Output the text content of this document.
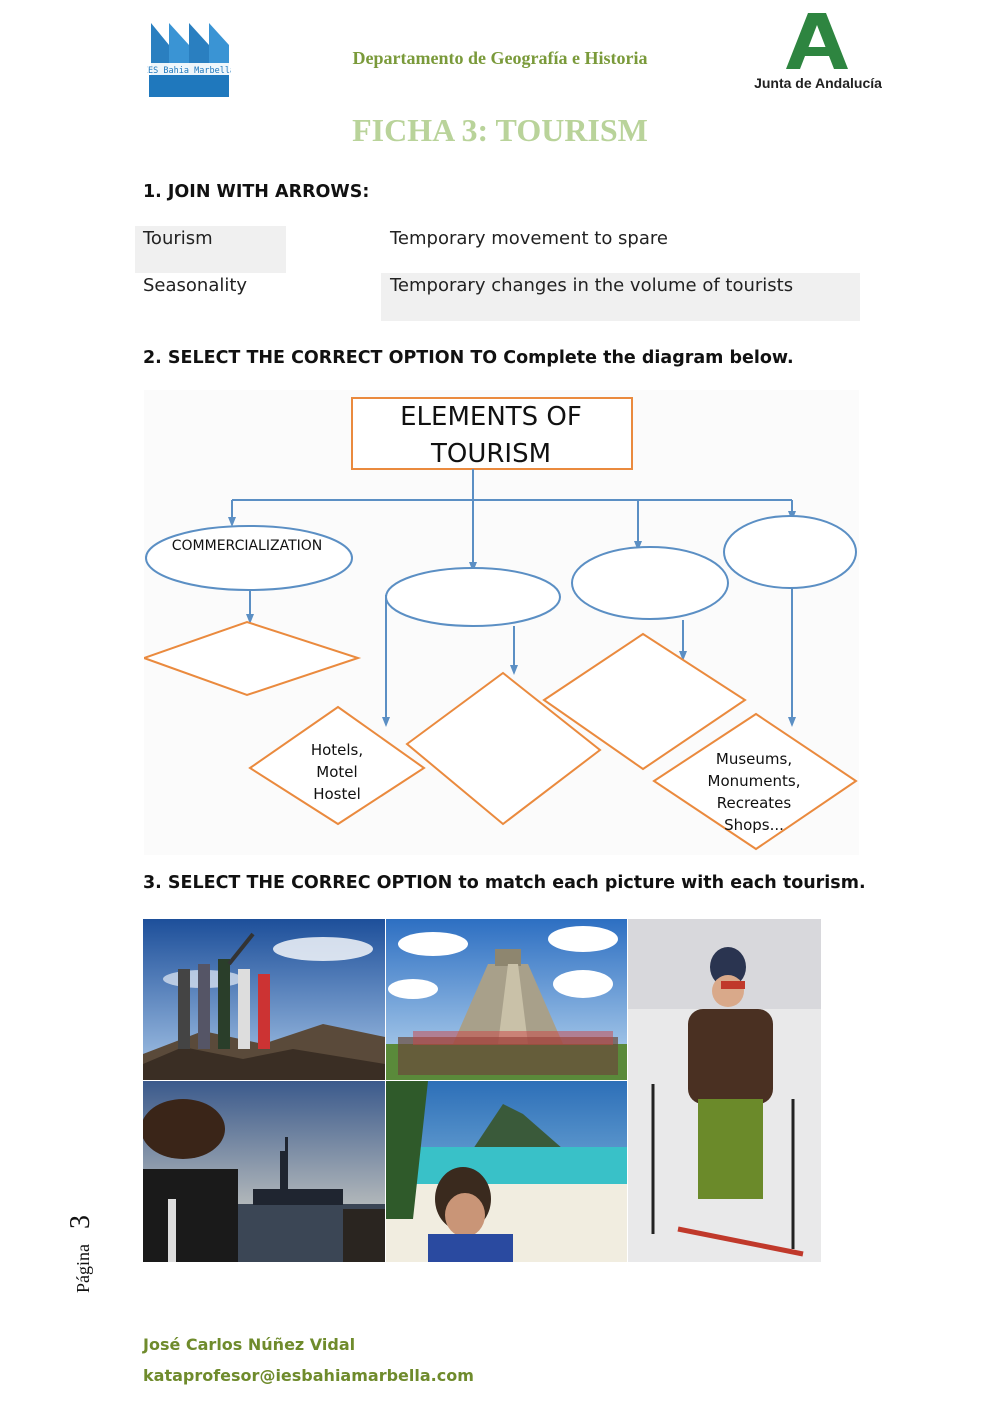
IES Bahia Marbella
Departamento de Geografía e Historia
Junta de Andalucía
FICHA 3: TOURISM
1. JOIN WITH ARROWS:
Tourism
Seasonality
Temporary movement to spare
Temporary changes in the volume of tourists
2. SELECT THE CORRECT OPTION TO Complete the diagram below.
ELEMENTS OF
TOURISM
COMMERCIALIZATION
Hotels,
Motel
Hostel
Museums,
Monuments,
Recreates
Shops...
3. SELECT THE CORREC OPTION to match each picture with each tourism.
Página
3
José Carlos Núñez Vidal
kataprofesor@iesbahiamarbella.com
